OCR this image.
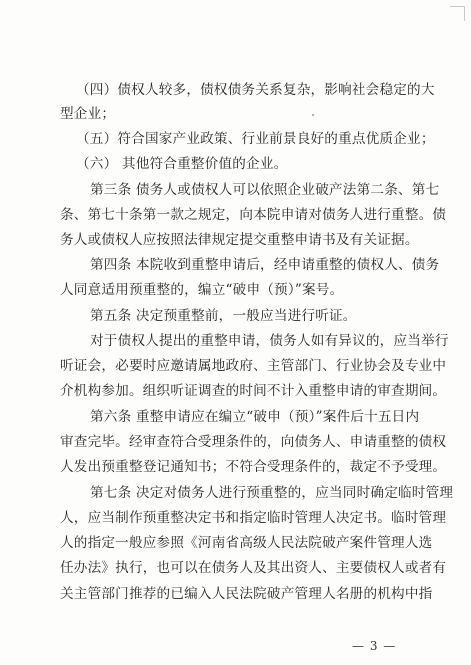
（四）债权人较多，债权债务关系复杂，影响社会稳定的大
型企业；
（五）符合国家产业政策、行业前景良好的重点优质企业；
（六） 其他符合重整价值的企业。
第三条 债务人或债权人可以依照企业破产法第二条、第七
条、第七十条第一款之规定，向本院申请对债务人进行重整。债
务人或债权人应按照法律规定提交重整申请书及有关证据。
第四条 本院收到重整申请后，经申请重整的债权人、债务
人同意适用预重整的，编立“破申（预）”案号。
第五条 决定预重整前，一般应当进行听证。
对于债权人提出的重整申请，债务人如有异议的，应当举行
听证会，必要时应邀请属地政府、主管部门、行业协会及专业中
介机构参加。组织听证调查的时间不计入重整申请的审查期间。
第六条 重整申请应在编立“破申（预）”案件后十五日内
审查完毕。经审查符合受理条件的，向债务人、申请重整的债权
人发出预重整登记通知书；不符合受理条件的，裁定不予受理。
第七条 决定对债务人进行预重整的，应当同时确定临时管理
人，应当制作预重整决定书和指定临时管理人决定书。临时管理
人的指定一般应参照《河南省高级人民法院破产案件管理人选
任办法》执行，也可以在债务人及其出资人、主要债权人或者有
关主管部门推荐的已编入人民法院破产管理人名册的机构中指
— 3 —
